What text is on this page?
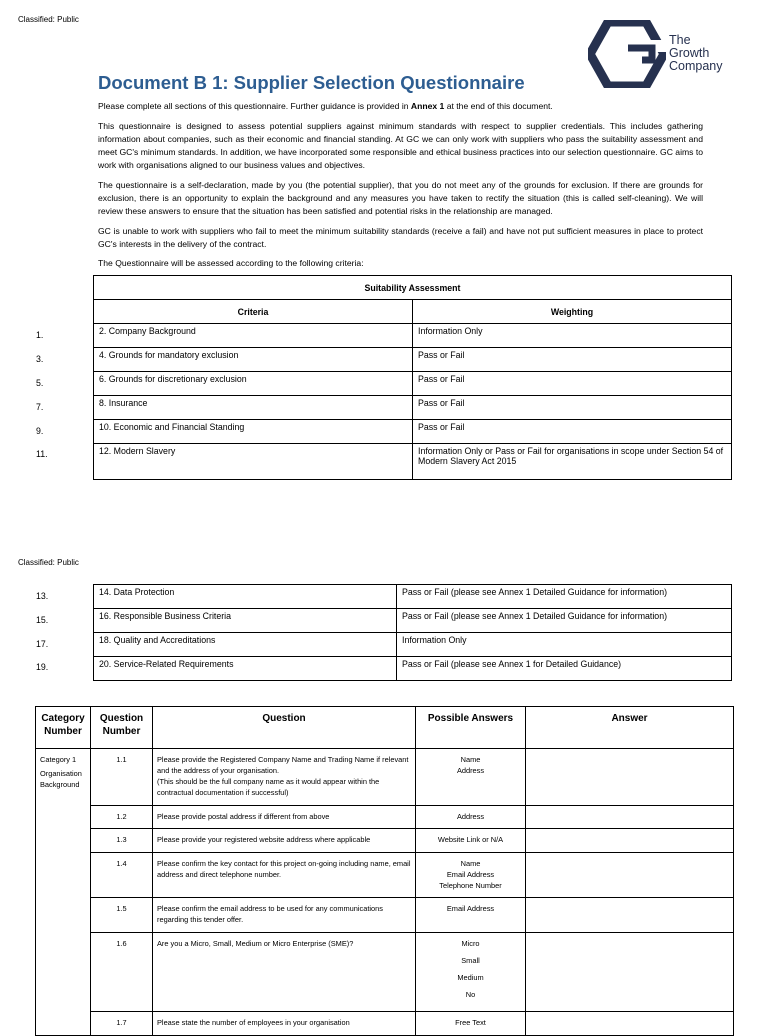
Classified: Public
The
Growth
Company
Document B 1: Supplier Selection Questionnaire

Please complete all sections of this questionnaire. Further guidance is provided in Annex 1 at the end of this document.

This questionnaire is designed to assess potential suppliers against minimum standards with respect to supplier credentials. This includes gathering information about companies, such as their economic and financial standing. At GC we can only work with suppliers who pass the suitability assessment and meet GC's minimum standards. In addition, we have incorporated some responsible and ethical business practices into our selection questionnaire. GC aims to work with organisations aligned to our business values and objectives.

The questionnaire is a self-declaration, made by you (the potential supplier), that you do not meet any of the grounds for exclusion. If there are grounds for exclusion, there is an opportunity to explain the background and any measures you have taken to rectify the situation (this is called self-cleaning). We will review these answers to ensure that the situation has been satisfied and potential risks in the relationship are managed.

GC is unable to work with suppliers who fail to meet the minimum suitability standards (receive a fail) and have not put sufficient measures in place to protect GC's interests in the delivery of the contract.

The Questionnaire will be assessed according to the following criteria:

Suitability Assessment	
Criteria	Weighting
2. Company Background	Information Only
4. Grounds for mandatory exclusion	Pass or Fail
6. Grounds for discretionary exclusion	Pass or Fail
8. Insurance	Pass or Fail
10. Economic and Financial Standing	Pass or Fail
12. Modern Slavery	Information Only or Pass or Fail for organisations in scope under Section 54 of Modern Slavery Act 2015
1.
3.
5.
7.
9.
11.
Classified: Public
14. Data Protection	Pass or Fail (please see Annex 1 Detailed Guidance for information)
16. Responsible Business Criteria	Pass or Fail (please see Annex 1 Detailed Guidance for information)
18. Quality and Accreditations	Information Only
20. Service-Related Requirements	Pass or Fail (please see Annex 1 for Detailed Guidance)
13.
15.
17.
19.
Category Number	Question Number	Question	Possible Answers	Answer

Category 1
Organisation Background	1.1	Please provide the Registered Company Name and Trading Name if relevant and the address of your organisation.
(This should be the full company name as it would appear within the contractual documentation if successful)	Name
Address	

	1.2	Please provide postal address if different from above	Address	
	1.3	Please provide your registered website address where applicable	Website Link or N/A	
	1.4	Please confirm the key contact for this project on-going including name, email address and direct telephone number.	Name
Email Address
Telephone Number	

	1.5	Please confirm the email address to be used for any communications regarding this tender offer.	Email Address	
	1.6	Are you a Micro, Small, Medium or Micro Enterprise (SME)?	Micro
Small
Medium
No	

	1.7	Please state the number of employees in your organisation	Free Text	
